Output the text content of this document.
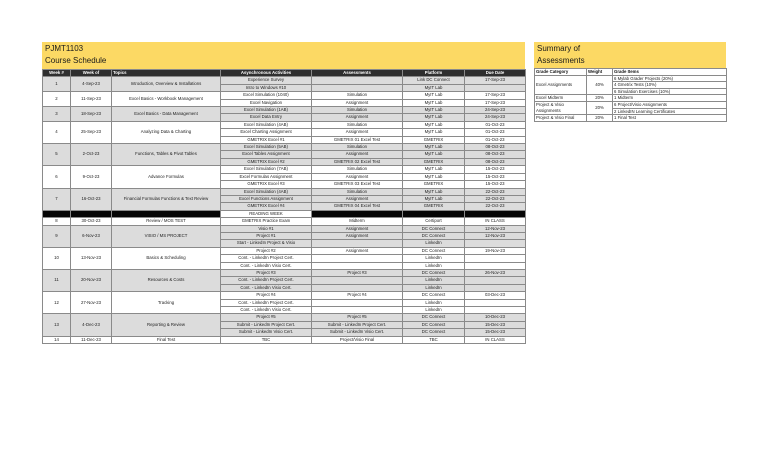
PJMT1103
Course Schedule
Week #	Week of	Topics	Asynchronous Activities	Assessments	Platform	Due Date
1	4-Sep-23	Introduction, Overview & Installations	Experience Survey		Link DC Connect	17-Sep-23
			Intro to Windows #10		MyIT Lab	
2	11-Sep-23	Excel Basics - Workbook Management	Excel Simulation (1040)	Simulation	MyIT Lab	17-Sep-23
			Excel Navigation	Assignment	MyIT Lab	17-Sep-23
3	18-Sep-23	Excel Basics - Data Management	Excel Simulation (1AB)	Simulation	MyIT Lab	24-Sep-23
			Excel Data Entry	Assignment	MyIT Lab	24-Sep-23
4	25-Sep-23	Analyzing Data & Charting	Excel Simulation (4AB)	Simulation	MyIT Lab	01-Oct-23
			Excel Charting Assignment	Assignment	MyIT Lab	01-Oct-23
			GMETRIX Excel #1	GMETRIX 01 Excel Test	GMETRIX	01-Oct-23
5	2-Oct-23	Functions, Tables & Pivot Tables	Excel Simulation (5AB)	Simulation	MyIT Lab	08-Oct-23
			Excel Tables Assignment	Assignment	MyIT Lab	08-Oct-23
			GMETRIX Excel #2	GMETRIX 02 Excel Test	GMETRIX	08-Oct-23
6	9-Oct-23	Advance Formulas	Excel Simulation (7AB)	Simulation	MyIT Lab	15-Oct-23
			Excel Formulas Assignment	Assignment	MyIT Lab	15-Oct-23
			GMETRIX Excel #3	GMETRIX 03 Excel Test	GMETRIX	15-Oct-23
7	16-Oct-23	Financial Formulas Functions & Text Review	Excel Simulation (4AB)	Simulation	MyIT Lab	22-Oct-23
			Excel Functions Assignment	Assignment	MyIT Lab	22-Oct-23
			GMETRIX Excel #4	GMETRIX 04 Excel Test	GMETRIX	22-Oct-23
			READING WEEK			
8	30-Oct-23	Review / MOS TEST	GMETRIX Practice Exam	Midterm	Certiport	IN CLASS
9	6-Nov-23	VISIO / MS PROJECT	Visio #1	Assignment	DC Connect	12-Nov-23
			Project #1	Assignment	DC Connect	12-Nov-23
			Start - LinkedIn Project & Visio		LinkedIn	
10	13-Nov-23	Basics & Scheduling	Project #2	Assignment	DC Connect	19-Nov-23
			Cont. - LinkedIn Project Cert.		LinkedIn	
			Cont. - LinkedIn Visio Cert.		LinkedIn	
11	20-Nov-23	Resources & Costs	Project #3	Project #3	DC Connect	26-Nov-23
			Cont. - LinkedIn Project Cert.		LinkedIn	
			Cont. - LinkedIn Visio Cert.		LinkedIn	
12	27-Nov-23	Tracking	Project #4	Project #4	DC Connect	03-Dec-23
			Cont. - LinkedIn Project Cert.		LinkedIn	
			Cont. - LinkedIn Visio Cert.		LinkedIn	
13	4-Dec-23	Reporting & Review	Project #5	Project #5	DC Connect	10-Dec-23
			Submit - LinkedIn Project Cert.	Submit - LinkedIn Project Cert.	DC Connect	15-Dec-23
			Submit - LinkedIn Visio Cert.	Submit - LinkedIn Visio Cert.	DC Connect	15-Dec-23
14	11-Dec-23	Final Test	TBC	Project/Visio Final	TBC	IN CLASS
Summary of
Assessments
Grade Category	Weight	Grade Items
Excel Assignments	40%	6 Mylab Grader Projects (20%)
		4 Gmetrix Tests (10%)
		6 Simulation Exercises (10%)
Excel Midterm	20%	1 Midterm
Project & Visio Assignments	20%	6 Project/Visio Assignments
		2 LinkedIN Learning Certificates
Project & Visio Final	20%	1 Final Test
